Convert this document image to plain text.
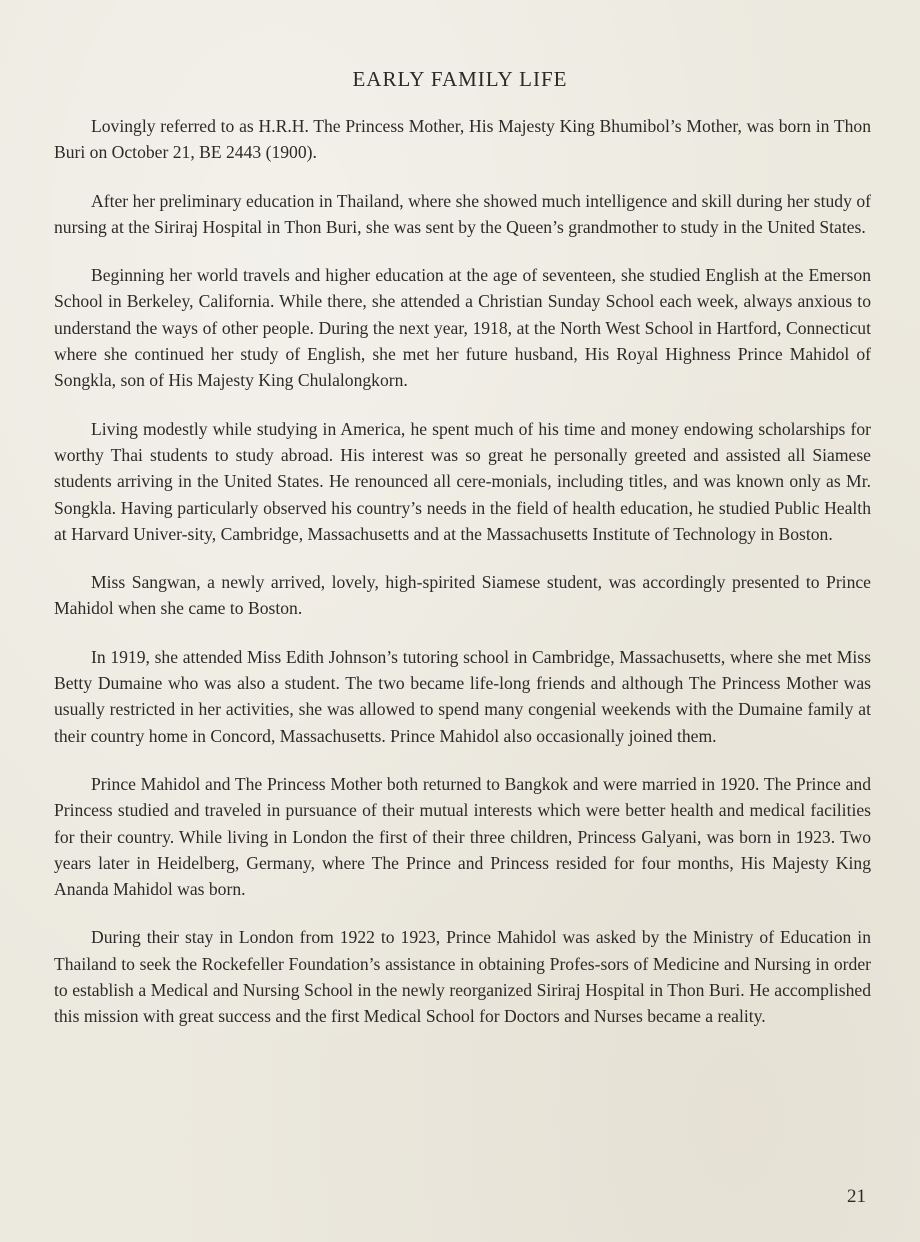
EARLY FAMILY LIFE

Lovingly referred to as H.R.H. The Princess Mother, His Majesty King Bhumibol’s Mother, was born in Thon Buri on October 21, BE 2443 (1900).

After her preliminary education in Thailand, where she showed much intelligence and skill during her study of nursing at the Siriraj Hospital in Thon Buri, she was sent by the Queen’s grandmother to study in the United States.

Beginning her world travels and higher education at the age of seventeen, she studied English at the Emerson School in Berkeley, California. While there, she attended a Christian Sunday School each week, always anxious to understand the ways of other people. During the next year, 1918, at the North West School in Hartford, Connecticut where she continued her study of English, she met her future husband, His Royal Highness Prince Mahidol of Songkla, son of His Majesty King Chulalongkorn.

Living modestly while studying in America, he spent much of his time and money endowing scholarships for worthy Thai students to study abroad. His interest was so great he personally greeted and assisted all Siamese students arriving in the United States. He renounced all cere-monials, including titles, and was known only as Mr. Songkla. Having particularly observed his country’s needs in the field of health education, he studied Public Health at Harvard Univer-sity, Cambridge, Massachusetts and at the Massachusetts Institute of Technology in Boston.

Miss Sangwan, a newly arrived, lovely, high-spirited Siamese student, was accordingly presented to Prince Mahidol when she came to Boston.

In 1919, she attended Miss Edith Johnson’s tutoring school in Cambridge, Massachusetts, where she met Miss Betty Dumaine who was also a student. The two became life-long friends and although The Princess Mother was usually restricted in her activities, she was allowed to spend many congenial weekends with the Dumaine family at their country home in Concord, Massachusetts. Prince Mahidol also occasionally joined them.

Prince Mahidol and The Princess Mother both returned to Bangkok and were married in 1920. The Prince and Princess studied and traveled in pursuance of their mutual interests which were better health and medical facilities for their country. While living in London the first of their three children, Princess Galyani, was born in 1923. Two years later in Heidelberg, Germany, where The Prince and Princess resided for four months, His Majesty King Ananda Mahidol was born.

During their stay in London from 1922 to 1923, Prince Mahidol was asked by the Ministry of Education in Thailand to seek the Rockefeller Foundation’s assistance in obtaining Profes-sors of Medicine and Nursing in order to establish a Medical and Nursing School in the newly reorganized Siriraj Hospital in Thon Buri. He accomplished this mission with great success and the first Medical School for Doctors and Nurses became a reality.

21
